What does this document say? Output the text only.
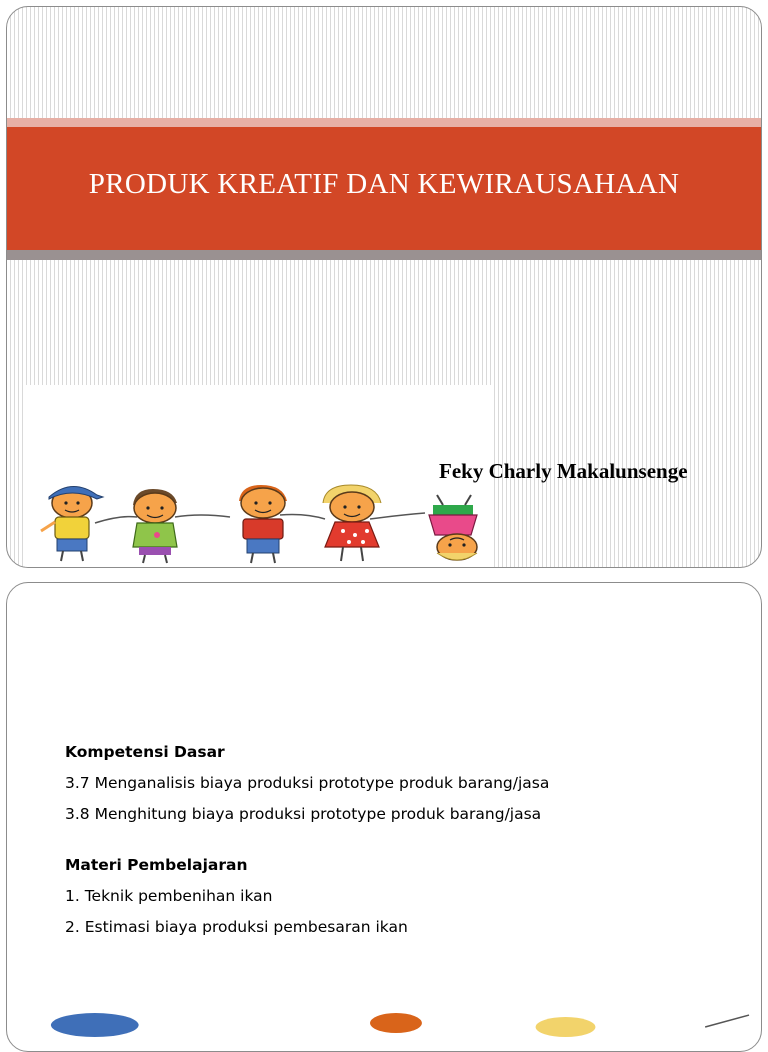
PRODUK KREATIF DAN KEWIRAUSAHAAN
Feky Charly Makalunsenge
Kompetensi Dasar
3.7 Menganalisis biaya produksi prototype produk barang/jasa
3.8 Menghitung biaya produksi prototype produk barang/jasa
Materi Pembelajaran
1. Teknik pembenihan ikan
2. Estimasi biaya produksi pembesaran ikan
